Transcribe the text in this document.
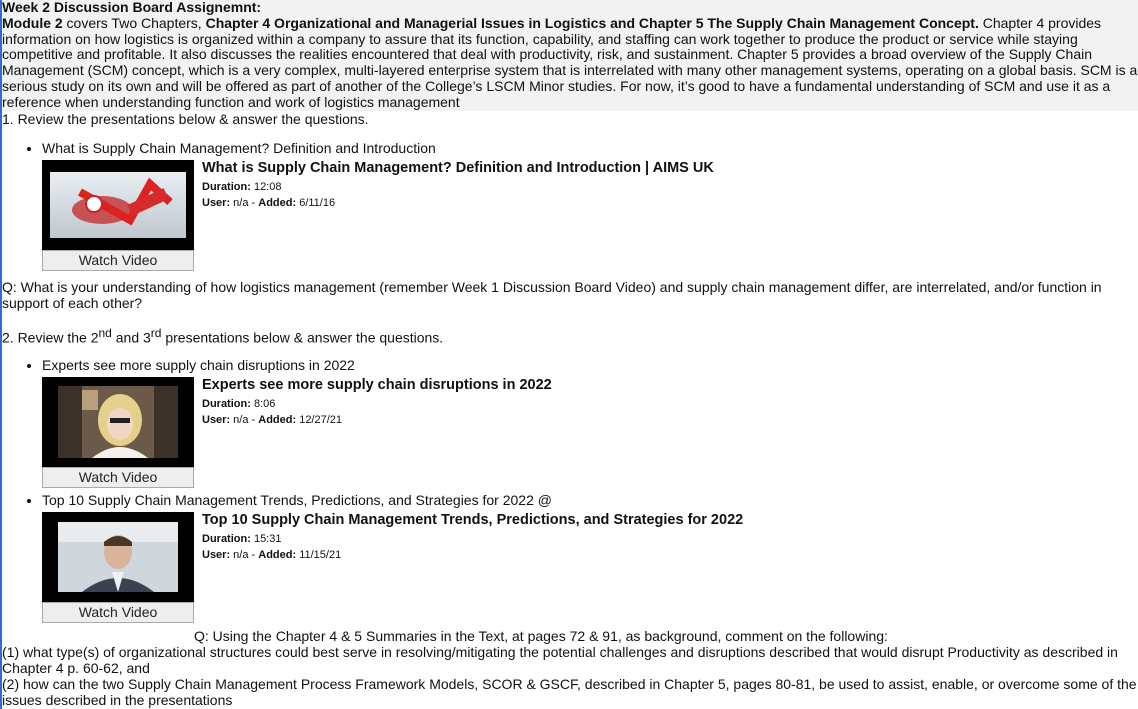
Week 2 Discussion Board Assignemnt:
Module 2 covers Two Chapters, Chapter 4 Organizational and Managerial Issues in Logistics and Chapter 5 The Supply Chain Management Concept. Chapter 4 provides information on how logistics is organized within a company to assure that its function, capability, and staffing can work together to produce the product or service while staying competitive and profitable. It also discusses the realities encountered that deal with productivity, risk, and sustainment. Chapter 5 provides a broad overview of the Supply Chain Management (SCM) concept, which is a very complex, multi-layered enterprise system that is interrelated with many other management systems, operating on a global basis. SCM is a serious study on its own and will be offered as part of another of the College’s LSCM Minor studies. For now, it’s good to have a fundamental understanding of SCM and use it as a reference when understanding function and work of logistics management

1. Review the presentations below & answer the questions.

• What is Supply Chain Management? Definition and Introduction
Watch Video
What is Supply Chain Management? Definition and Introduction | AIMS UK
Duration: 12:08
User: n/a - Added: 6/11/16

Q: What is your understanding of how logistics management (remember Week 1 Discussion Board Video) and supply chain management differ, are interrelated, and/or function in support of each other?

2. Review the 2nd and 3rd presentations below & answer the questions.

• Experts see more supply chain disruptions in 2022
Watch Video
Experts see more supply chain disruptions in 2022
Duration: 8:06
User: n/a - Added: 12/27/21
• Top 10 Supply Chain Management Trends, Predictions, and Strategies for 2022 @
Watch Video
Top 10 Supply Chain Management Trends, Predictions, and Strategies for 2022
Duration: 15:31
User: n/a - Added: 11/15/21
Q: Using the Chapter 4 & 5 Summaries in the Text, at pages 72 & 91, as background, comment on the following:
(1) what type(s) of organizational structures could best serve in resolving/mitigating the potential challenges and disruptions described that would disrupt Productivity as described in Chapter 4 p. 60-62, and
(2) how can the two Supply Chain Management Process Framework Models, SCOR & GSCF, described in Chapter 5, pages 80-81, be used to assist, enable, or overcome some of the issues described in the presentations
